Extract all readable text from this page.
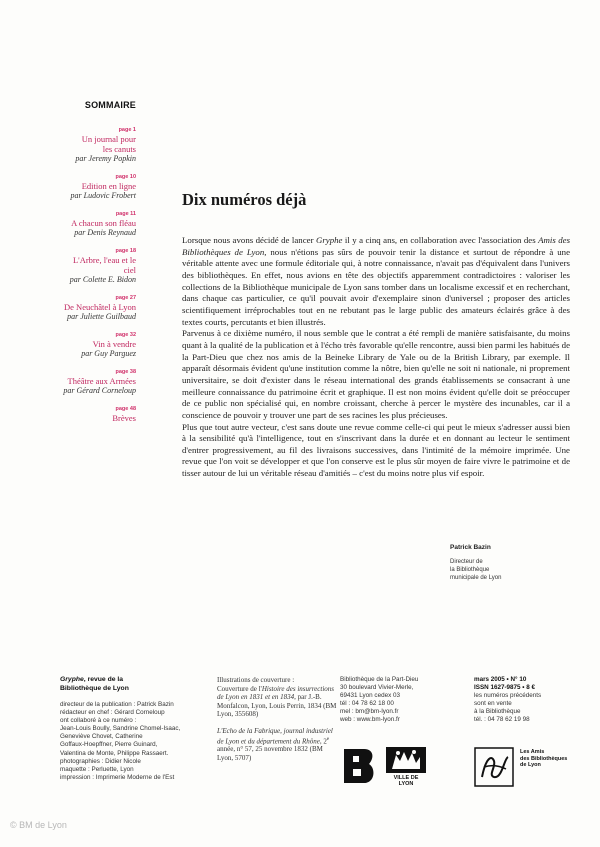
SOMMAIRE
page 1
Un journal pour
les canuts
par Jeremy Popkin
page 10
Edition en ligne
par Ludovic Frobert
page 11
A chacun son fléau
par Denis Reynaud
page 18
L'Arbre, l'eau et le ciel
par Colette E. Bidon
page 27
De Neuchâtel à Lyon
par Juliette Guilbaud
page 32
Vin à vendre
par Guy Parguez
page 38
Théâtre aux Armées
par Gérard Corneloup
page 48
Brèves
Dix numéros déjà

Lorsque nous avons décidé de lancer Gryphe il y a cinq ans, en collaboration avec l'association des Amis des Bibliothèques de Lyon, nous n'étions pas sûrs de pouvoir tenir la distance et surtout de répondre à une véritable attente avec une formule éditoriale qui, à notre connaissance, n'avait pas d'équivalent dans l'univers des bibliothèques. En effet, nous avions en tête des objectifs apparemment contradictoires : valoriser les collections de la Bibliothèque municipale de Lyon sans tomber dans un localisme excessif et en recherchant, dans chaque cas particulier, ce qu'il pouvait avoir d'exemplaire sinon d'universel ; proposer des articles scientifiquement irréprochables tout en ne rebutant pas le large public des amateurs éclairés grâce à des textes courts, percutants et bien illustrés.

Parvenus à ce dixième numéro, il nous semble que le contrat a été rempli de manière satisfaisante, du moins quant à la qualité de la publication et à l'écho très favorable qu'elle rencontre, aussi bien parmi les habitués de la Part-Dieu que chez nos amis de la Beineke Library de Yale ou de la British Library, par exemple. Il apparaît désormais évident qu'une institution comme la nôtre, bien qu'elle ne soit ni nationale, ni proprement universitaire, se doit d'exister dans le réseau international des grands établissements se consacrant à une meilleure connaissance du patrimoine écrit et graphique. Il est non moins évident qu'elle doit se préoccuper de ce public non spécialisé qui, en nombre croissant, cherche à percer le mystère des incunables, car il a conscience de pouvoir y trouver une part de ses racines les plus précieuses.

Plus que tout autre vecteur, c'est sans doute une revue comme celle-ci qui peut le mieux s'adresser aussi bien à la sensibilité qu'à l'intelligence, tout en s'inscrivant dans la durée et en donnant au lecteur le sentiment d'entrer progressivement, au fil des livraisons successives, dans l'intimité de la mémoire imprimée. Une revue que l'on voit se développer et que l'on conserve est le plus sûr moyen de faire vivre le patrimoine et de tisser autour de lui un véritable réseau d'amitiés – c'est du moins notre plus vif espoir.

Patrick Bazin
Directeur de
la Bibliothèque
municipale de Lyon
Gryphe, revue de la
Bibliothèque de Lyon
directeur de la publication : Patrick Bazin
rédacteur en chef : Gérard Corneloup
ont collaboré à ce numéro :
Jean-Louis Boully, Sandrine Chomel-Isaac,
Geneviève Chovet, Catherine
Goffaux-Hoepffner, Pierre Guinard,
Valentina de Monte, Philippe Rassaert.
photographies : Didier Nicole
maquette : Perluette, Lyon
impression : Imprimerie Moderne de l'Est
Illustrations de couverture :
Couverture de l'Histoire des insurrections de Lyon en 1831 et en 1834, par J.-B. Monfalcon, Lyon, Louis Perrin, 1834 (BM Lyon, 355608)
L'Echo de la Fabrique, journal industriel de Lyon et du département du Rhône, 2e année, n° 57, 25 novembre 1832 (BM Lyon, 5707)
Bibliothèque de la Part-Dieu
30 boulevard Vivier-Merle,
69431 Lyon cedex 03
tél : 04 78 62 18 00
mel : bm@bm-lyon.fr
web : www.bm-lyon.fr
mars 2005 • N° 10
ISSN 1627-9875 • 8 €
les numéros précédents
sont en vente
à la Bibliothèque
tél. : 04 78 62 19 98
VILLE DE LYON
Les Amis
des Bibliothèques
de Lyon
© BM de Lyon
